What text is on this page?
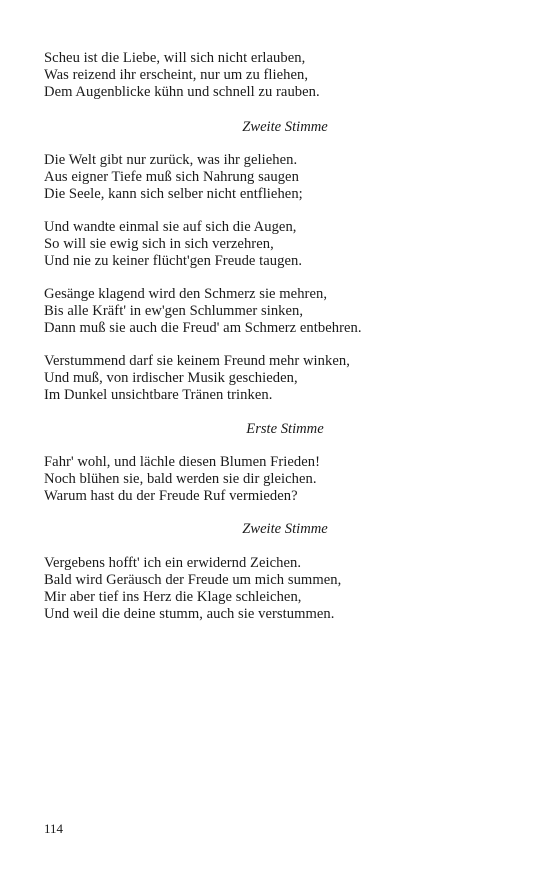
Scheu ist die Liebe, will sich nicht erlauben,
Was reizend ihr erscheint, nur um zu fliehen,
Dem Augenblicke kühn und schnell zu rauben.
Zweite Stimme
Die Welt gibt nur zurück, was ihr geliehen.
Aus eigner Tiefe muß sich Nahrung saugen
Die Seele, kann sich selber nicht entfliehen;
Und wandte einmal sie auf sich die Augen,
So will sie ewig sich in sich verzehren,
Und nie zu keiner flücht'gen Freude taugen.
Gesänge klagend wird den Schmerz sie mehren,
Bis alle Kräft' in ew'gen Schlummer sinken,
Dann muß sie auch die Freud' am Schmerz entbehren.
Verstummend darf sie keinem Freund mehr winken,
Und muß, von irdischer Musik geschieden,
Im Dunkel unsichtbare Tränen trinken.
Erste Stimme
Fahr' wohl, und lächle diesen Blumen Frieden!
Noch blühen sie, bald werden sie dir gleichen.
Warum hast du der Freude Ruf vermieden?
Zweite Stimme
Vergebens hofft' ich ein erwidernd Zeichen.
Bald wird Geräusch der Freude um mich summen,
Mir aber tief ins Herz die Klage schleichen,
Und weil die deine stumm, auch sie verstummen.
114
